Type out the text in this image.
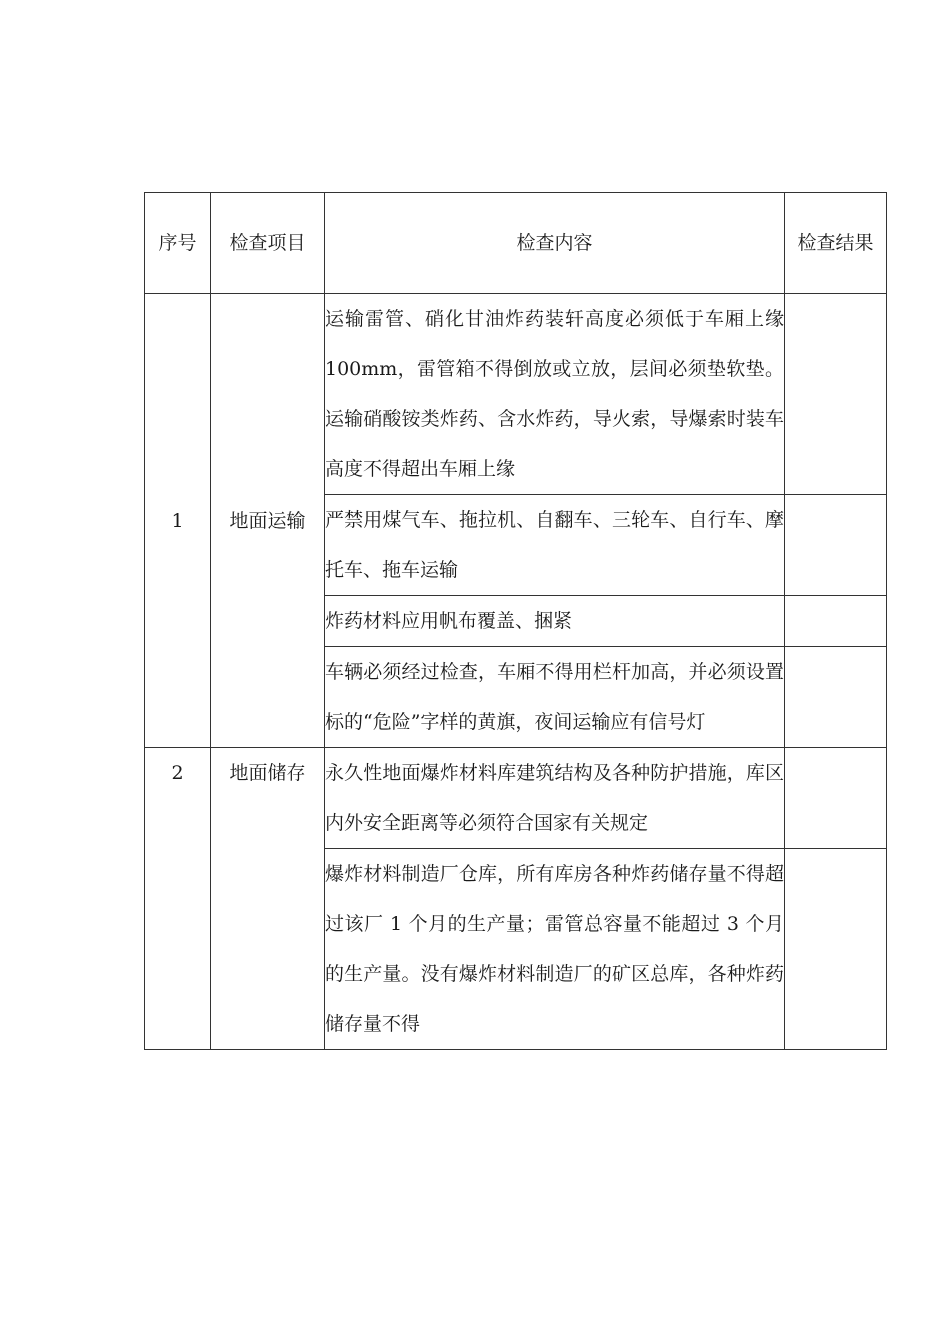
序号	检查项目	检查内容	检查结果
1	地面运输	运输雷管、硝化甘油炸药装轩高度必须低于车厢上缘100mm，雷管箱不得倒放或立放，层间必须垫软垫。运输硝酸铵类炸药、含水炸药，导火索，导爆索时装车高度不得超出车厢上缘	
		严禁用煤气车、拖拉机、自翻车、三轮车、自行车、摩托车、拖车运输	
		炸药材料应用帆布覆盖、捆紧	
		车辆必须经过检查，车厢不得用栏杆加高，并必须设置标的“危险”字样的黄旗，夜间运输应有信号灯	
2	地面储存	永久性地面爆炸材料库建筑结构及各种防护措施，库区内外安全距离等必须符合国家有关规定	
		爆炸材料制造厂仓库，所有库房各种炸药储存量不得超过该厂 1 个月的生产量；雷管总容量不能超过 3 个月的生产量。没有爆炸材料制造厂的矿区总库，各种炸药储存量不得	
